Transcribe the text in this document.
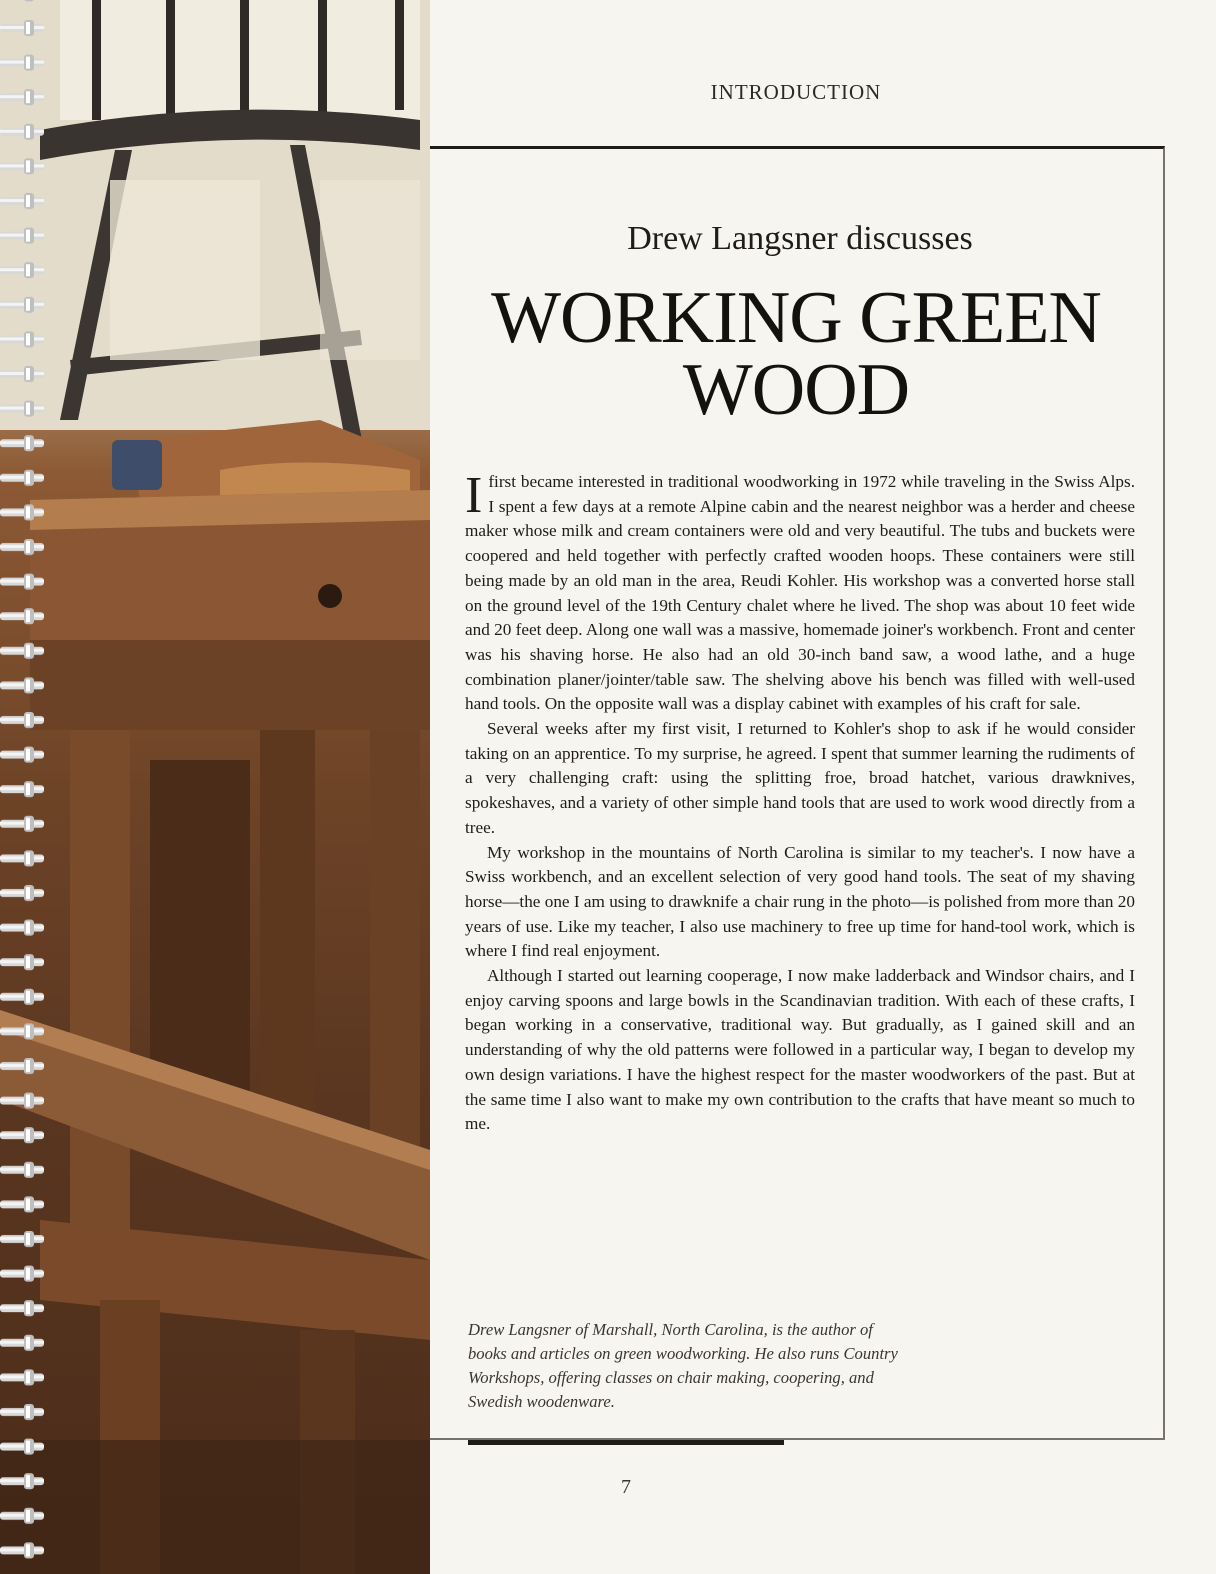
INTRODUCTION
Drew Langsner discusses
WORKING GREEN WOOD

I first became interested in traditional woodworking in 1972 while traveling in the Swiss Alps. I spent a few days at a remote Alpine cabin and the nearest neighbor was a herder and cheese maker whose milk and cream containers were old and very beautiful. The tubs and buckets were coopered and held together with perfectly crafted wooden hoops. These containers were still being made by an old man in the area, Reudi Kohler. His workshop was a converted horse stall on the ground level of the 19th Century chalet where he lived. The shop was about 10 feet wide and 20 feet deep. Along one wall was a massive, homemade joiner's workbench. Front and center was his shaving horse. He also had an old 30-inch band saw, a wood lathe, and a huge combination planer/jointer/table saw. The shelving above his bench was filled with well-used hand tools. On the opposite wall was a display cabinet with examples of his craft for sale.

Several weeks after my first visit, I returned to Kohler's shop to ask if he would consider taking on an apprentice. To my surprise, he agreed. I spent that summer learning the rudiments of a very challenging craft: using the splitting froe, broad hatchet, various drawknives, spokeshaves, and a variety of other simple hand tools that are used to work wood directly from a tree.

My workshop in the mountains of North Carolina is similar to my teacher's. I now have a Swiss workbench, and an excellent selection of very good hand tools. The seat of my shaving horse—the one I am using to drawknife a chair rung in the photo—is polished from more than 20 years of use. Like my teacher, I also use machinery to free up time for hand-tool work, which is where I find real enjoyment.

Although I started out learning cooperage, I now make ladderback and Windsor chairs, and I enjoy carving spoons and large bowls in the Scandinavian tradition. With each of these crafts, I began working in a conservative, traditional way. But gradually, as I gained skill and an understanding of why the old patterns were followed in a particular way, I began to develop my own design variations. I have the highest respect for the master woodworkers of the past. But at the same time I also want to make my own contribution to the crafts that have meant so much to me.

Drew Langsner of Marshall, North Carolina, is the author of books and articles on green woodworking. He also runs Country Workshops, offering classes on chair making, coopering, and Swedish woodenware.
7
